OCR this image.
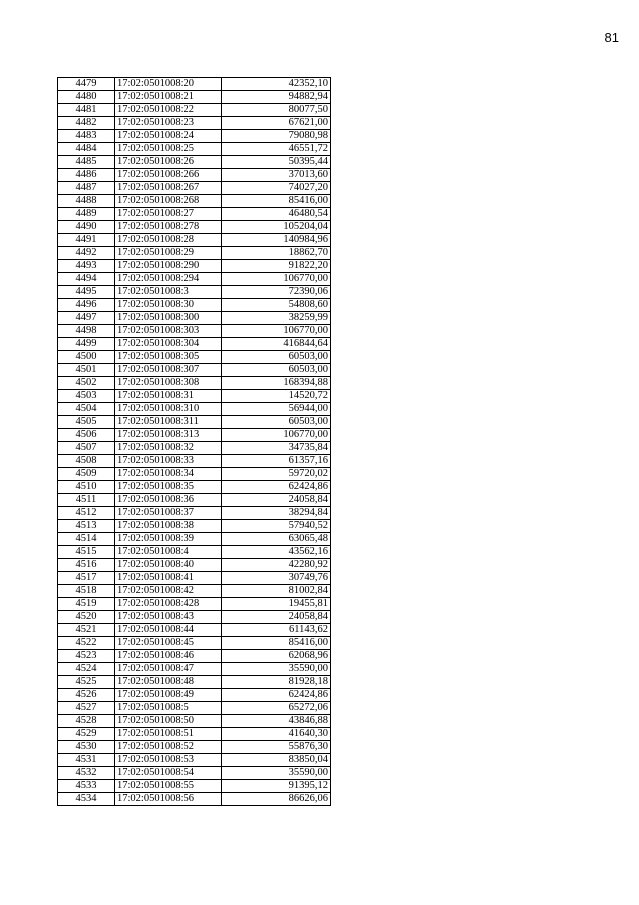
81
4479	17:02:0501008:20	42352,10
4480	17:02:0501008:21	94882,94
4481	17:02:0501008:22	80077,50
4482	17:02:0501008:23	67621,00
4483	17:02:0501008:24	79080,98
4484	17:02:0501008:25	46551,72
4485	17:02:0501008:26	50395,44
4486	17:02:0501008:266	37013,60
4487	17:02:0501008:267	74027,20
4488	17:02:0501008:268	85416,00
4489	17:02:0501008:27	46480,54
4490	17:02:0501008:278	105204,04
4491	17:02:0501008:28	140984,96
4492	17:02:0501008:29	18862,70
4493	17:02:0501008:290	91822,20
4494	17:02:0501008:294	106770,00
4495	17:02:0501008:3	72390,06
4496	17:02:0501008:30	54808,60
4497	17:02:0501008:300	38259,99
4498	17:02:0501008:303	106770,00
4499	17:02:0501008:304	416844,64
4500	17:02:0501008:305	60503,00
4501	17:02:0501008:307	60503,00
4502	17:02:0501008:308	168394,88
4503	17:02:0501008:31	14520,72
4504	17:02:0501008:310	56944,00
4505	17:02:0501008:311	60503,00
4506	17:02:0501008:313	106770,00
4507	17:02:0501008:32	34735,84
4508	17:02:0501008:33	61357,16
4509	17:02:0501008:34	59720,02
4510	17:02:0501008:35	62424,86
4511	17:02:0501008:36	24058,84
4512	17:02:0501008:37	38294,84
4513	17:02:0501008:38	57940,52
4514	17:02:0501008:39	63065,48
4515	17:02:0501008:4	43562,16
4516	17:02:0501008:40	42280,92
4517	17:02:0501008:41	30749,76
4518	17:02:0501008:42	81002,84
4519	17:02:0501008:428	19455,81
4520	17:02:0501008:43	24058,84
4521	17:02:0501008:44	61143,62
4522	17:02:0501008:45	85416,00
4523	17:02:0501008:46	62068,96
4524	17:02:0501008:47	35590,00
4525	17:02:0501008:48	81928,18
4526	17:02:0501008:49	62424,86
4527	17:02:0501008:5	65272,06
4528	17:02:0501008:50	43846,88
4529	17:02:0501008:51	41640,30
4530	17:02:0501008:52	55876,30
4531	17:02:0501008:53	83850,04
4532	17:02:0501008:54	35590,00
4533	17:02:0501008:55	91395,12
4534	17:02:0501008:56	86626,06
